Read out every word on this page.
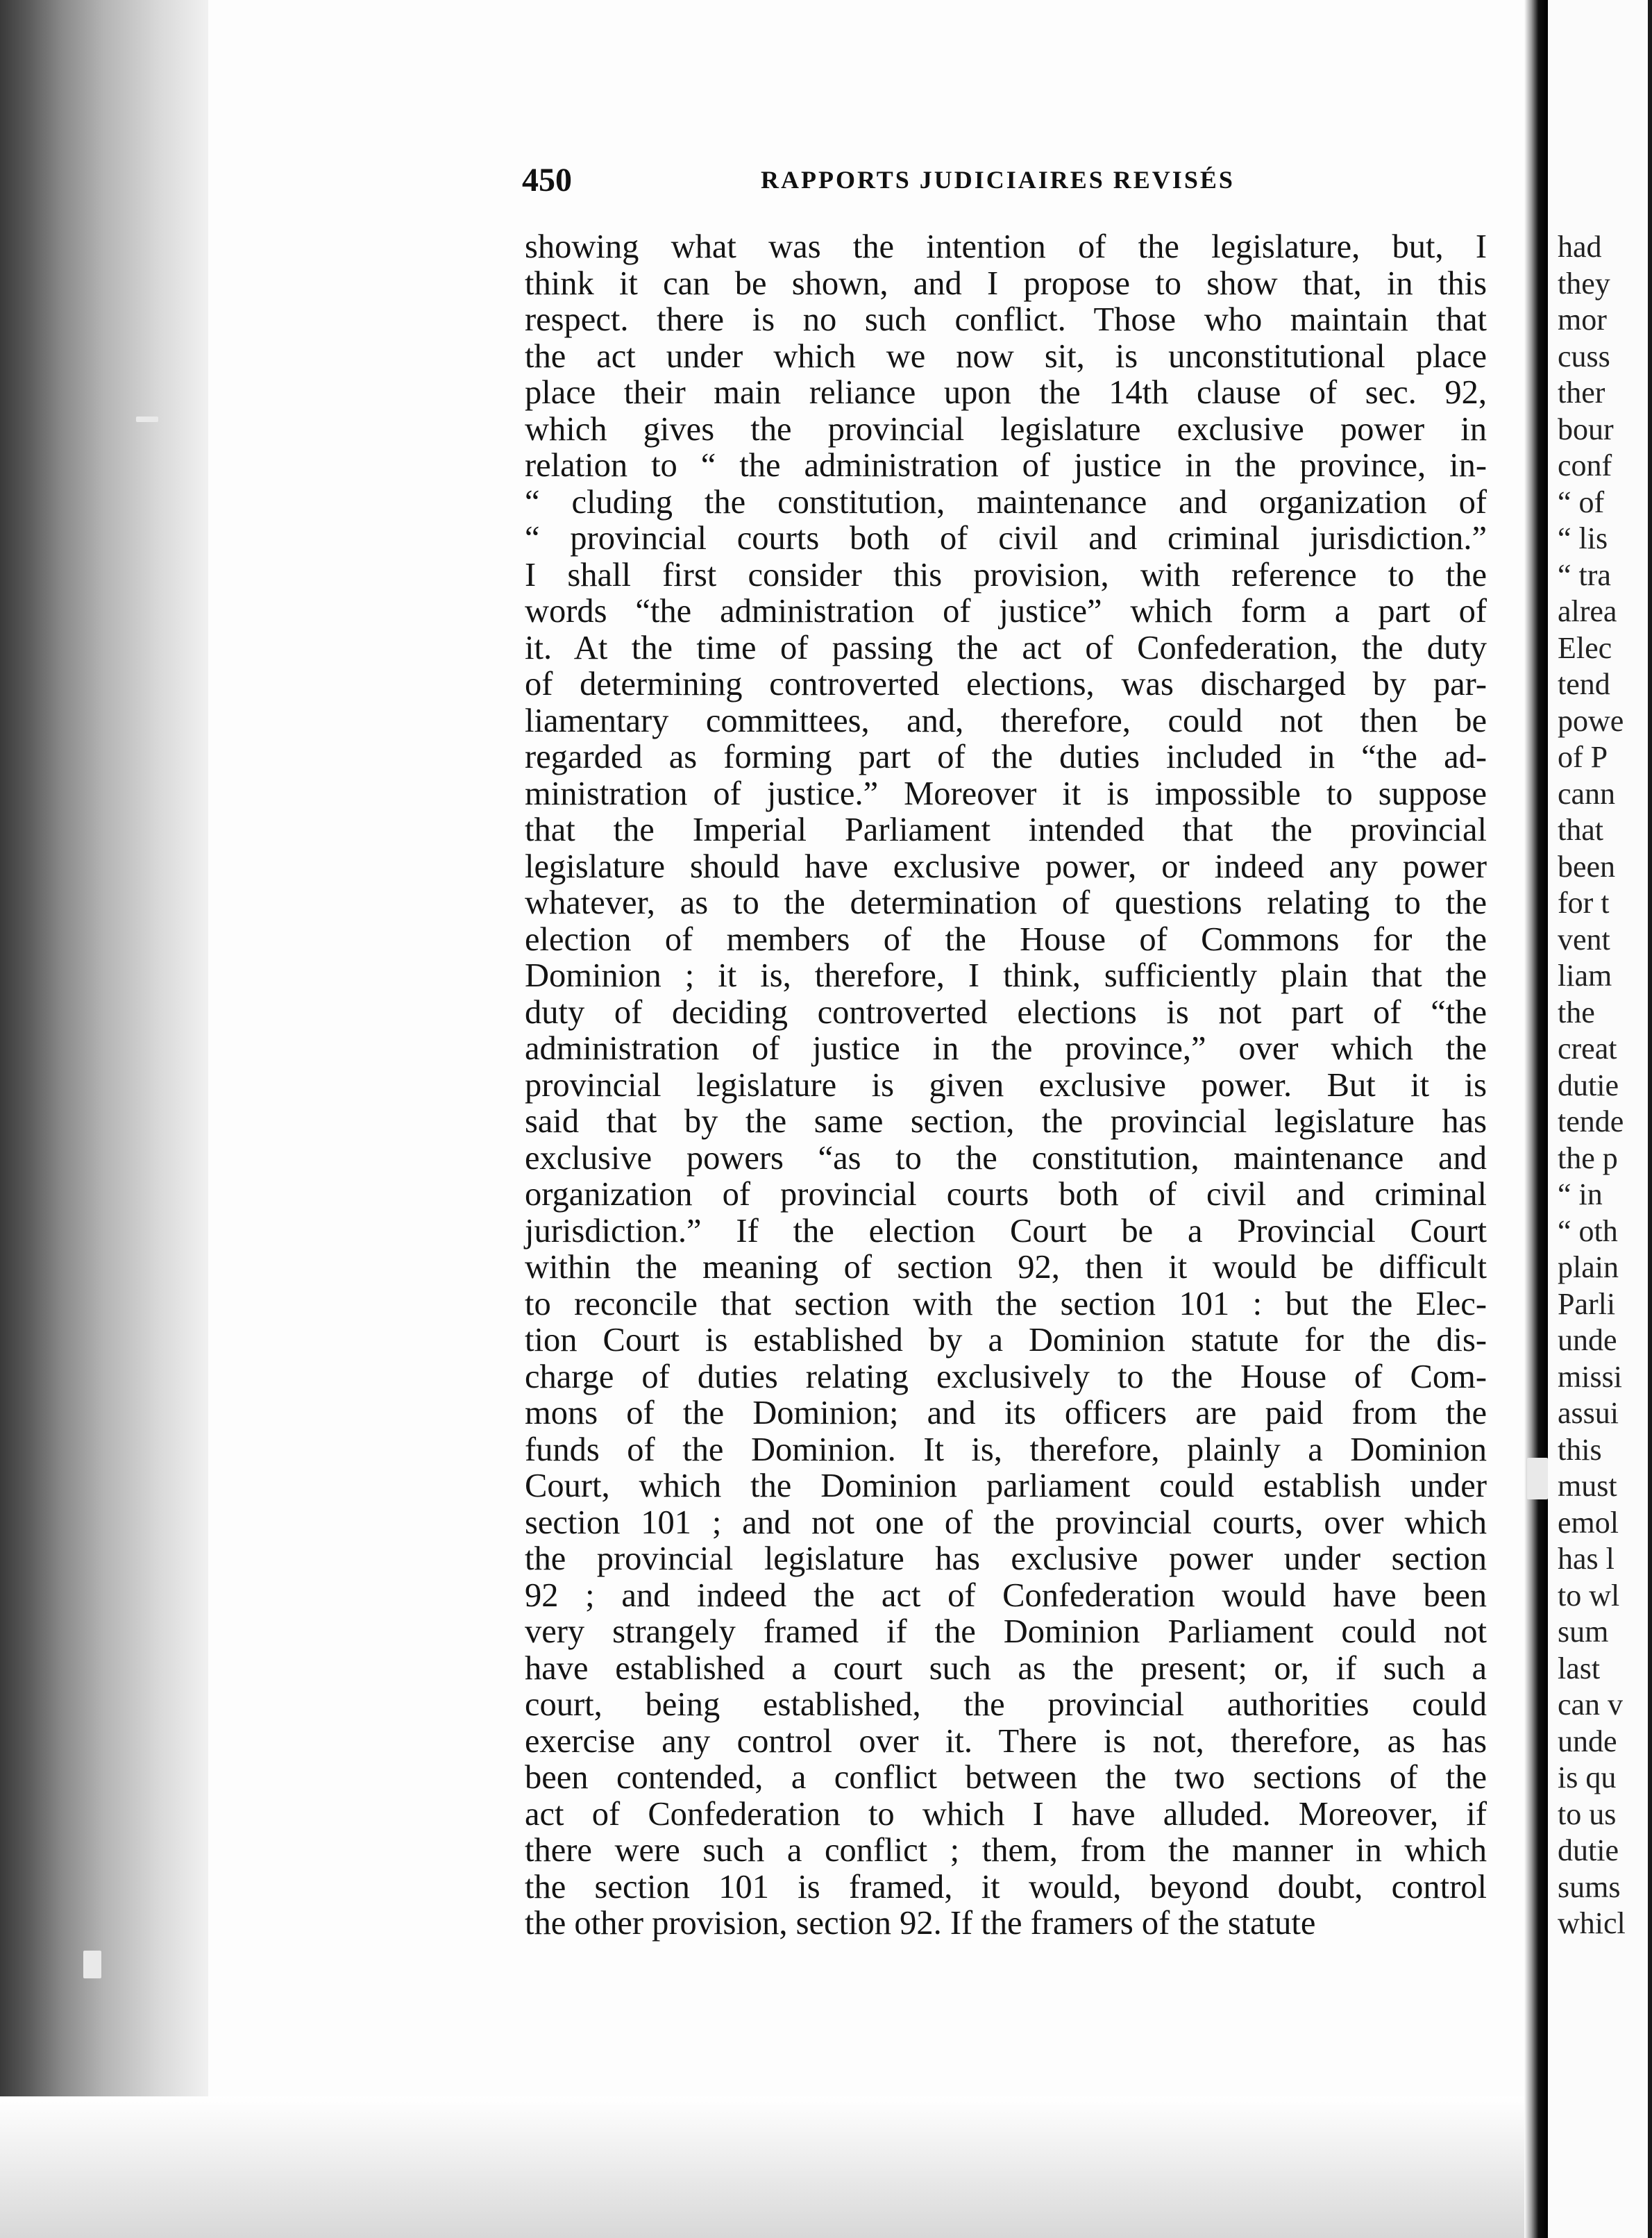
450	RAPPORTS JUDICIAIRES REVISÉS
showing what was the intention of the legislature, but, I
think it can be shown, and I propose to show that, in this
respect. there is no such conflict. Those who maintain that
the act under which we now sit, is unconstitutional place
place their main reliance upon the 14th clause of sec. 92,
which gives the provincial legislature exclusive power in
relation to “ the administration of justice in the province, in-
“ cluding the constitution, maintenance and organization of
“ provincial courts both of civil and criminal jurisdiction.”
I shall first consider this provision, with reference to the
words “the administration of justice” which form a part of
it. At the time of passing the act of Confederation, the duty
of determining controverted elections, was discharged by par-
liamentary committees, and, therefore, could not then be
regarded as forming part of the duties included in “the ad-
ministration of justice.” Moreover it is impossible to suppose
that the Imperial Parliament intended that the provincial
legislature should have exclusive power, or indeed any power
whatever, as to the determination of questions relating to the
election of members of the House of Commons for the
Dominion ; it is, therefore, I think, sufficiently plain that the
duty of deciding controverted elections is not part of “the
administration of justice in the province,” over which the
provincial legislature is given exclusive power. But it is
said that by the same section, the provincial legislature has
exclusive powers “as to the constitution, maintenance and
organization of provincial courts both of civil and criminal
jurisdiction.” If the election Court be a Provincial Court
within the meaning of section 92, then it would be difficult
to reconcile that section with the section 101 : but the Elec-
tion Court is established by a Dominion statute for the dis-
charge of duties relating exclusively to the House of Com-
mons of the Dominion; and its officers are paid from the
funds of the Dominion. It is, therefore, plainly a Dominion
Court, which the Dominion parliament could establish under
section 101 ; and not one of the provincial courts, over which
the provincial legislature has exclusive power under section
92 ; and indeed the act of Confederation would have been
very strangely framed if the Dominion Parliament could not
have established a court such as the present; or, if such a
court, being established, the provincial authorities could
exercise any control over it. There is not, therefore, as has
been contended, a conflict between the two sections of the
act of Confederation to which I have alluded. Moreover, if
there were such a conflict ; them, from the manner in which
the section 101 is framed, it would, beyond doubt, control
the other provision, section 92. If the framers of the statute
had
they
mor
cuss
ther
bour
conf
“ of
“ lis
“ tra
alrea
Elec
tend
powe
of P
cann
that
been
for t
vent
liam
the
creat
dutie
tende
the p
“ in
“ oth
plain
Parli
unde
missi
assui
this
must
emol
has l
to wl
sum
last
can v
unde
is qu
to us
dutie
sums
whicl
